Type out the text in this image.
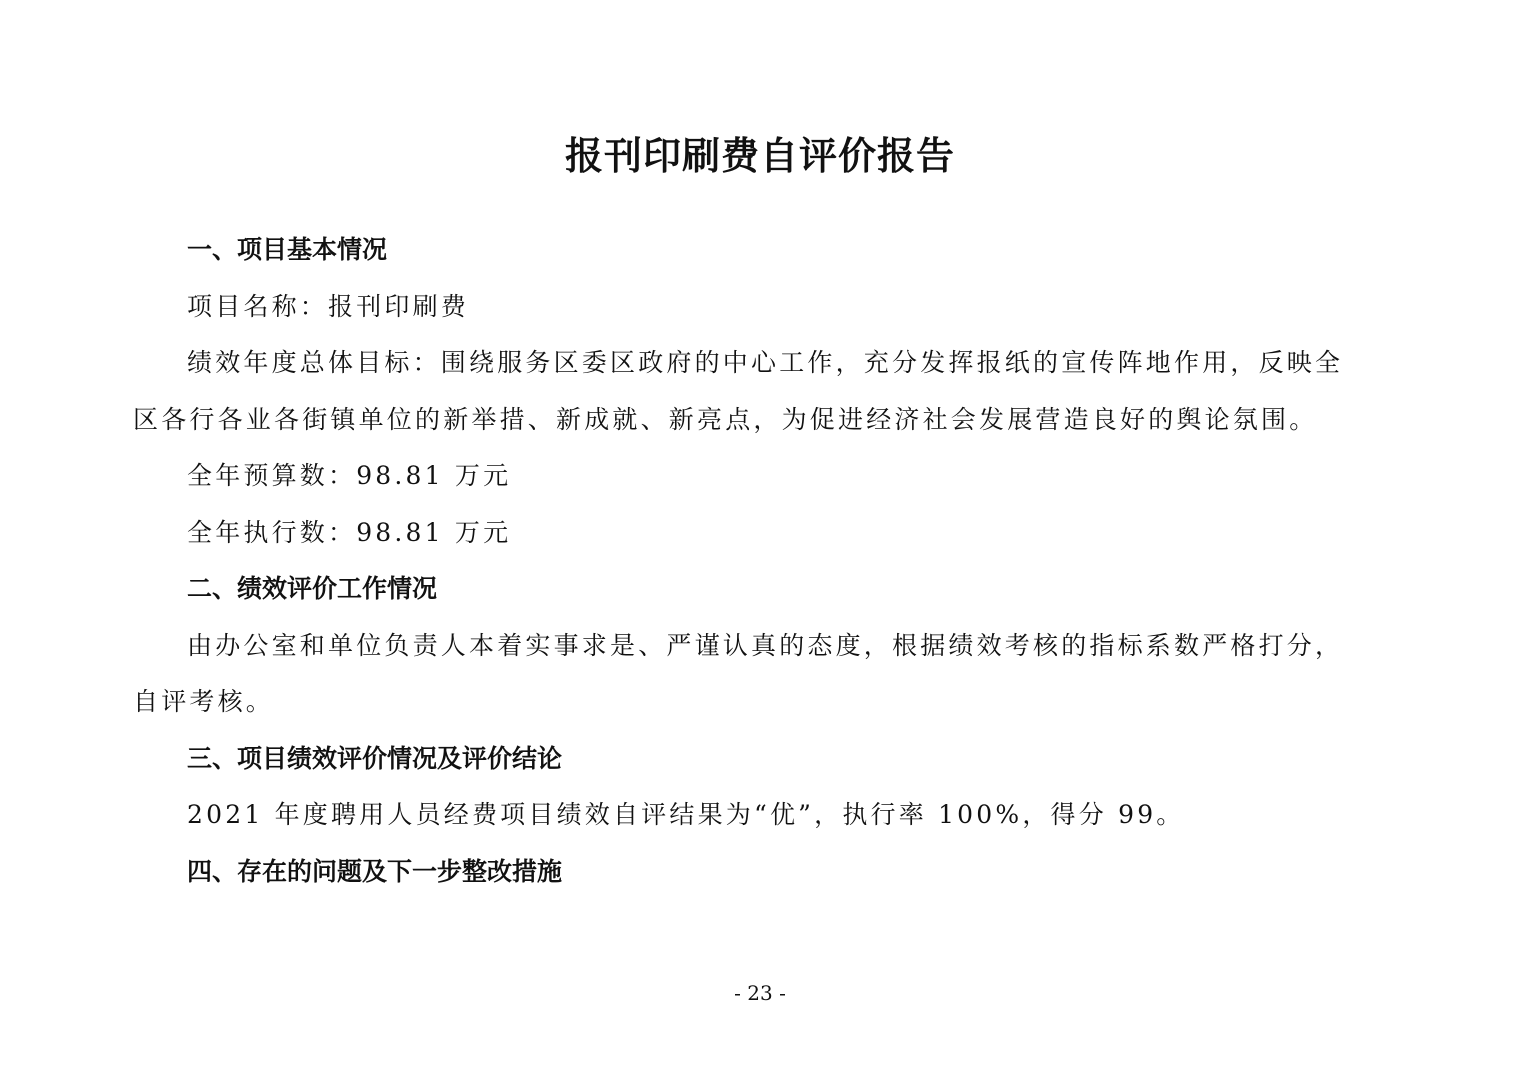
报刊印刷费自评价报告
一、项目基本情况
项目名称：报刊印刷费
绩效年度总体目标：围绕服务区委区政府的中心工作，充分发挥报纸的宣传阵地作用，反映全
区各行各业各街镇单位的新举措、新成就、新亮点，为促进经济社会发展营造良好的舆论氛围。
全年预算数：98.81 万元
全年执行数：98.81 万元
二、绩效评价工作情况
由办公室和单位负责人本着实事求是、严谨认真的态度，根据绩效考核的指标系数严格打分，
自评考核。
三、项目绩效评价情况及评价结论
2021 年度聘用人员经费项目绩效自评结果为“优”，执行率 100%，得分 99。
四、存在的问题及下一步整改措施
- 23 -
